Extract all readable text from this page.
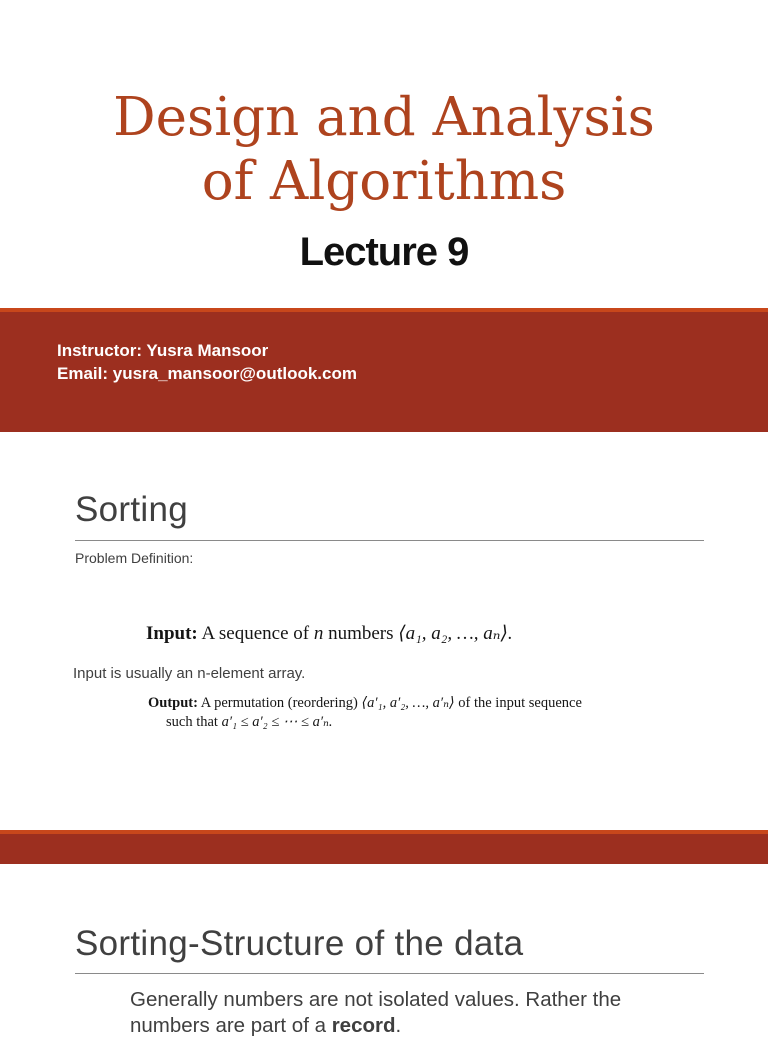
Design and Analysis
of Algorithms
Lecture 9
Instructor: Yusra Mansoor
Email: yusra_mansoor@outlook.com
Sorting
Problem Definition:
Input: A sequence of n numbers ⟨a₁, a₂, …, aₙ⟩.
Input is usually an n-element array.
Output: A permutation (reordering) ⟨a′₁, a′₂, …, a′ₙ⟩ of the input sequence
such that a′₁ ≤ a′₂ ≤ ⋯ ≤ a′ₙ.
Sorting-Structure of the data
Generally numbers are not isolated values. Rather the
numbers are part of a record.
